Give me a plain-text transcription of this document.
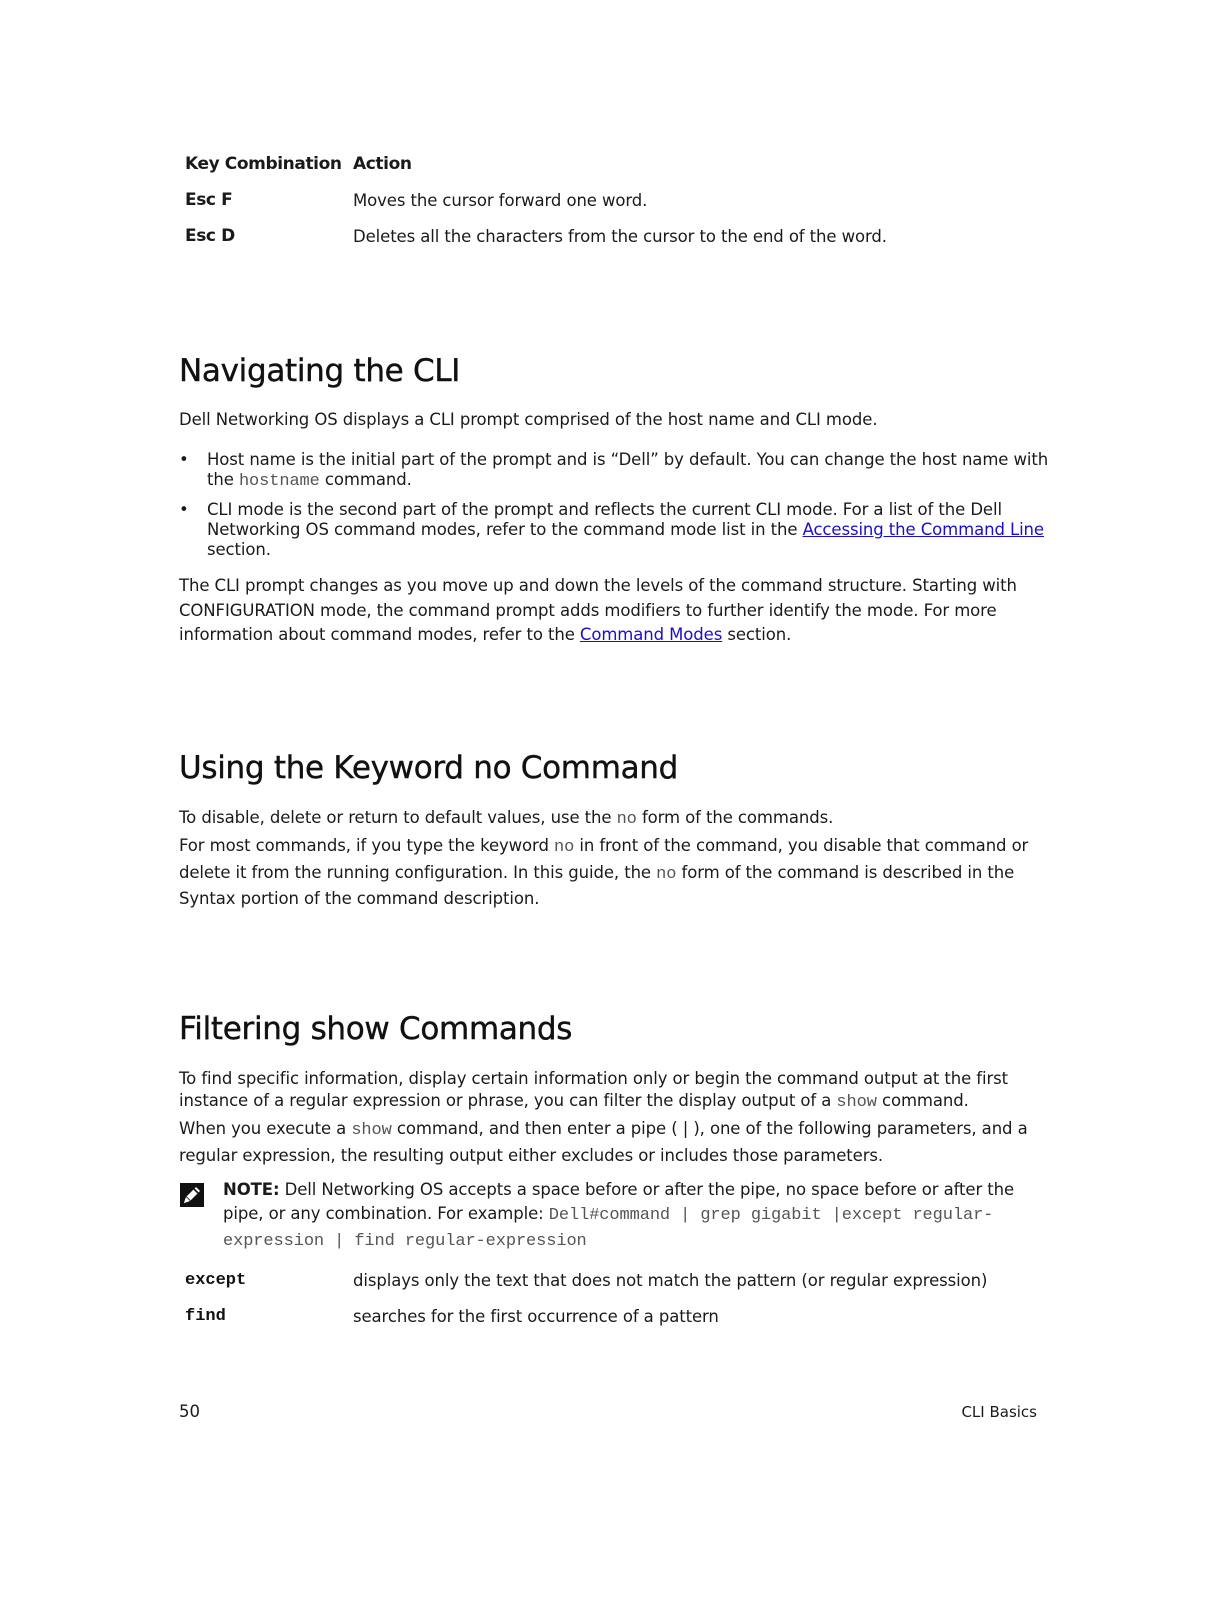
Key Combination Action
Esc F	Moves the cursor forward one word.
Esc D	Deletes all the characters from the cursor to the end of the word.
Navigating the CLI

Dell Networking OS displays a CLI prompt comprised of the host name and CLI mode.

• Host name is the initial part of the prompt and is “Dell” by default. You can change the host name with the hostname command.
• CLI mode is the second part of the prompt and reflects the current CLI mode. For a list of the Dell Networking OS command modes, refer to the command mode list in the Accessing the Command Line section.

The CLI prompt changes as you move up and down the levels of the command structure. Starting with CONFIGURATION mode, the command prompt adds modifiers to further identify the mode. For more information about command modes, refer to the Command Modes section.

Using the Keyword no Command

To disable, delete or return to default values, use the no form of the commands.

For most commands, if you type the keyword no in front of the command, you disable that command or delete it from the running configuration. In this guide, the no form of the command is described in the Syntax portion of the command description.

Filtering show Commands

To find specific information, display certain information only or begin the command output at the first instance of a regular expression or phrase, you can filter the display output of a show command.

When you execute a show command, and then enter a pipe ( | ), one of the following parameters, and a regular expression, the resulting output either excludes or includes those parameters.

NOTE: Dell Networking OS accepts a space before or after the pipe, no space before or after the pipe, or any combination. For example: Dell#command | grep gigabit |except regular-expression | find regular-expression
except	displays only the text that does not match the pattern (or regular expression)
find	searches for the first occurrence of a pattern
50	CLI Basics
